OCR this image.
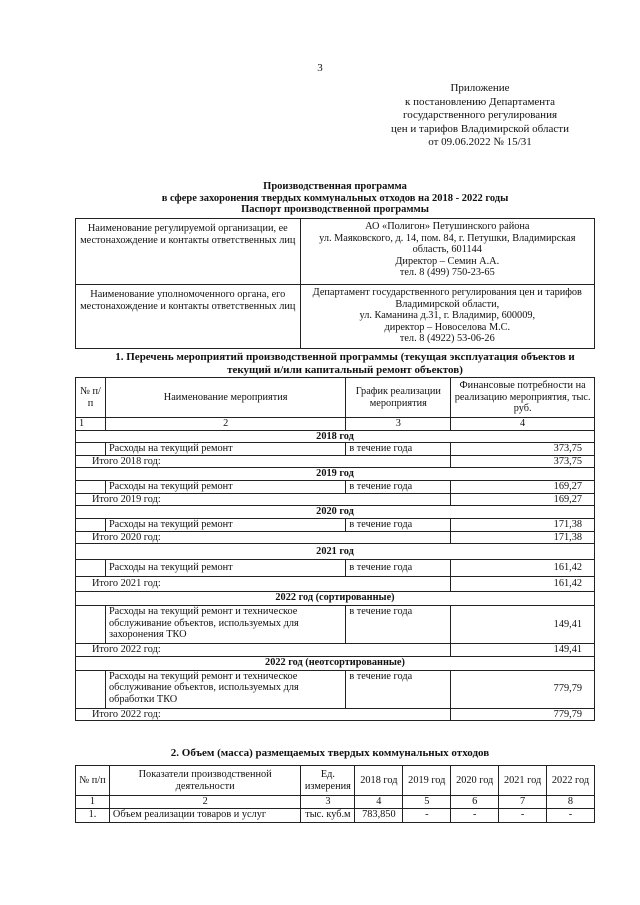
3
Приложение
к постановлению Департамента
государственного регулирования
цен и тарифов Владимирской области
от 09.06.2022 № 15/31
Производственная программа
в сфере захоронения твердых коммунальных отходов на 2018 - 2022 годы
Паспорт производственной программы
Наименование регулируемой организации, ее местонахождение и контакты ответственных лиц	АО «Полигон» Петушинского района
ул. Маяковского, д. 14, пом. 84, г. Петушки, Владимирская область, 601144
Директор – Семин А.А.
тел. 8 (499) 750-23-65

Наименование уполномоченного органа, его местонахождение и контакты ответственных лиц	Департамент государственного регулирования цен и тарифов Владимирской области,
ул. Каманина д.31, г. Владимир, 600009,
директор – Новоселова М.С.
тел. 8 (4922) 53-06-26
1. Перечень мероприятий производственной программы (текущая эксплуатация объектов и текущий и/или капитальный ремонт объектов)
№ п/п	Наименование мероприятия	График реализации мероприятия	Финансовые потребности на реализацию мероприятия, тыс. руб.
1	2	3	4
2018 год			
	Расходы на текущий ремонт	в течение года	373,75
Итого 2018 год:			373,75
2019 год			
	Расходы на текущий ремонт	в течение года	169,27
Итого 2019 год:			169,27
2020 год			
	Расходы на текущий ремонт	в течение года	171,38
Итого 2020 год:			171,38
2021 год			
	Расходы на текущий ремонт	в течение года	161,42
Итого 2021 год:			161,42
2022 год (сортированные)			
	Расходы на текущий ремонт и техническое обслуживание объектов, используемых для захоронения ТКО	в течение года	149,41
Итого 2022 год:			149,41
2022 год (неотсортированные)			
	Расходы на текущий ремонт и техническое обслуживание объектов, используемых для обработки ТКО	в течение года	779,79
Итого 2022 год:			779,79
2. Объем (масса) размещаемых твердых коммунальных отходов
№ п/п	Показатели производственной деятельности	Ед. измерения	2018 год	2019 год	2020 год	2021 год	2022 год
1	2	3	4	5	6	7	8
1.	Объем реализации товаров и услуг	тыс. куб.м	783,850	-	-	-	-
